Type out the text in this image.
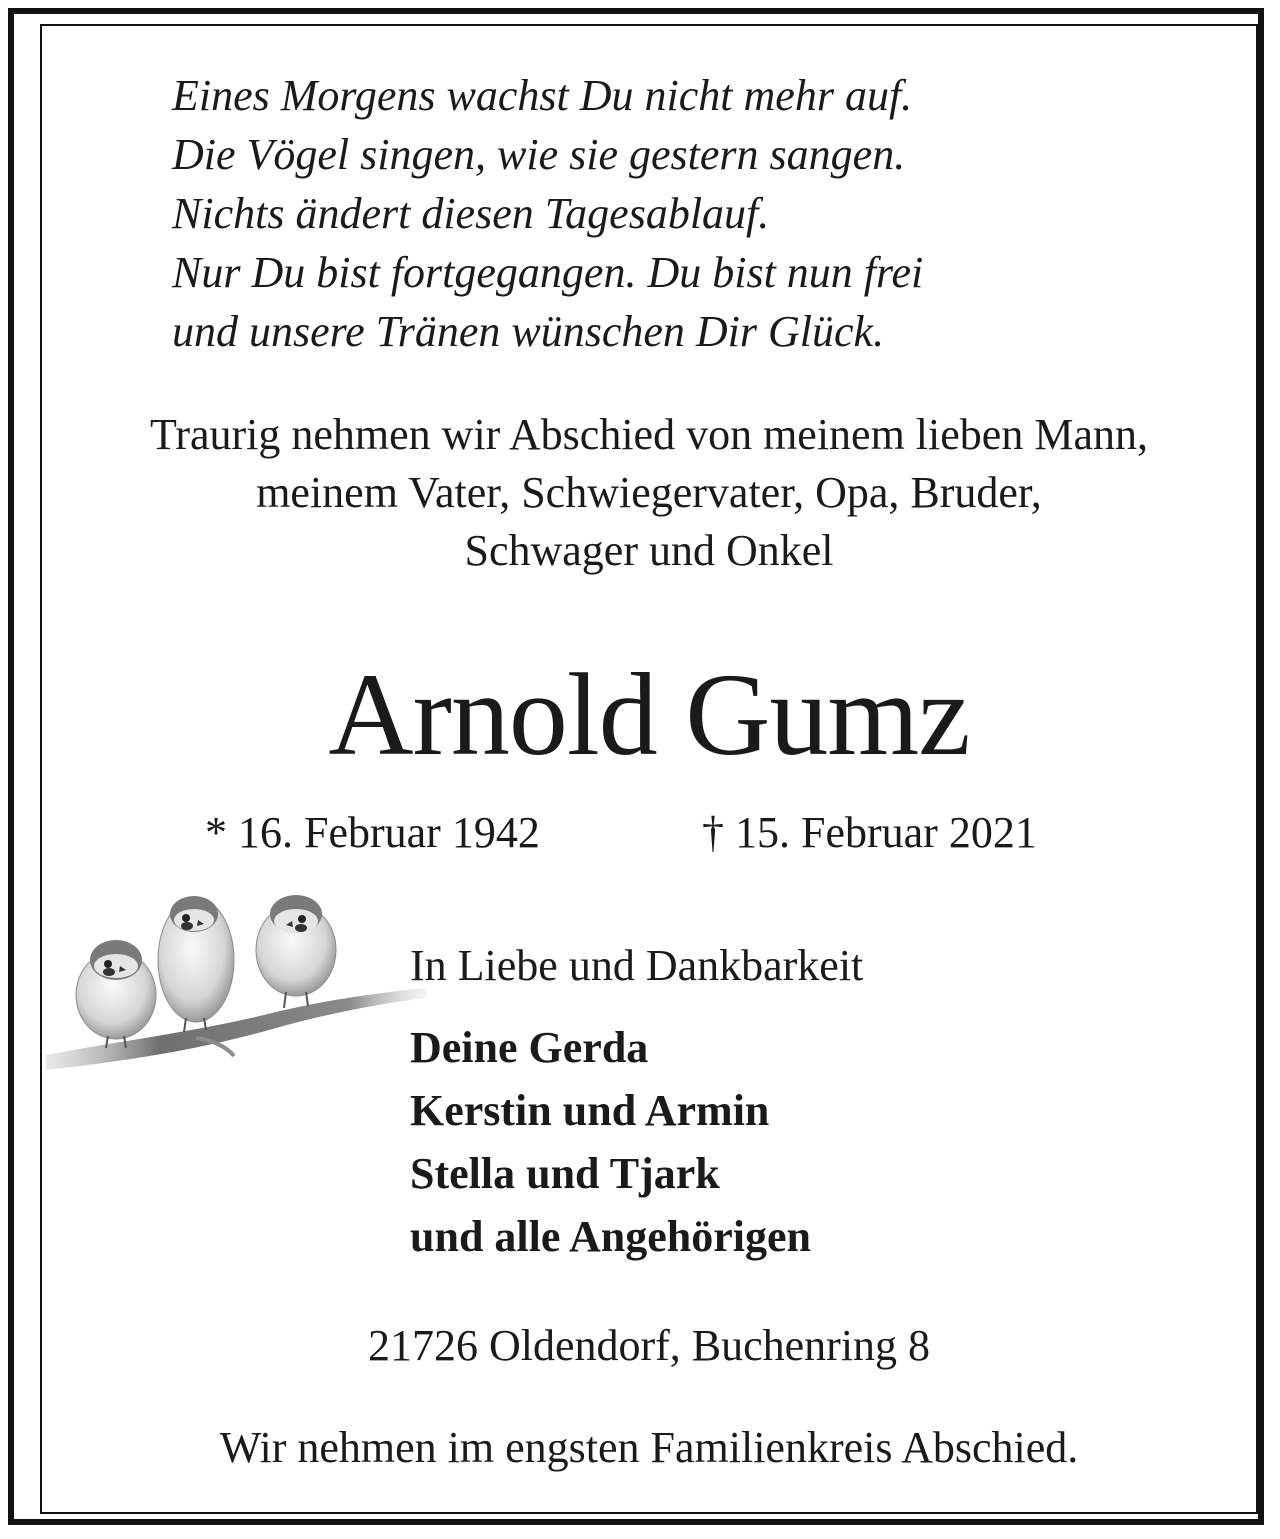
Eines Morgens wachst Du nicht mehr auf.
Die Vögel singen, wie sie gestern sangen.
Nichts ändert diesen Tagesablauf.
Nur Du bist fortgegangen. Du bist nun frei
und unsere Tränen wünschen Dir Glück.
Traurig nehmen wir Abschied von meinem lieben Mann,
meinem Vater, Schwiegervater, Opa, Bruder,
Schwager und Onkel
Arnold Gumz
* 16. Februar 1942	† 15. Februar 2021
In Liebe und Dankbarkeit
Deine Gerda
Kerstin und Armin
Stella und Tjark
und alle Angehörigen
21726 Oldendorf, Buchenring 8
Wir nehmen im engsten Familienkreis Abschied.
